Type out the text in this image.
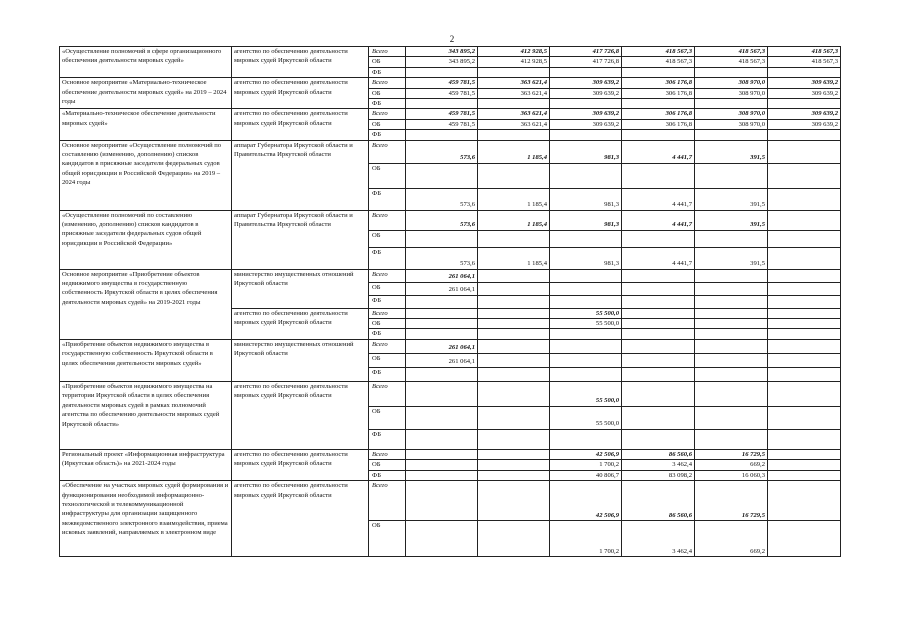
2
«Осуществление полномочий в сфере организационного обеспечения деятельности мировых судей»	агентство по обеспечению деятельности мировых судей Иркутской области	Всего	343 895,2	412 928,5	417 726,8	418 567,3	418 567,3	418 567,3
		ОБ	343 895,2	412 928,5	417 726,8	418 567,3	418 567,3	418 567,3
		ФБ						
Основное мероприятие «Материально-техническое обеспечение деятельности мировых судей» на 2019 – 2024 годы	агентство по обеспечению деятельности мировых судей Иркутской области	Всего	459 781,5	363 621,4	309 639,2	306 176,8	308 970,0	309 639,2
		ОБ	459 781,5	363 621,4	309 639,2	306 176,8	308 970,0	309 639,2
		ФБ						
«Материально-техническое обеспечение деятельности мировых судей»	агентство по обеспечению деятельности мировых судей Иркутской области	Всего	459 781,5	363 621,4	309 639,2	306 176,8	308 970,0	309 639,2
		ОБ	459 781,5	363 621,4	309 639,2	306 176,8	308 970,0	309 639,2
		ФБ						
Основное мероприятие «Осуществление полномочий по составлению (изменению, дополнению) списков кандидатов в присяжные заседатели федеральных судов общей юрисдикции в Российской Федерации» на 2019 – 2024 годы	аппарат Губернатора Иркутской области и Правительства Иркутской области	Всего	573,6	1 185,4	981,3	4 441,7	391,5	
		ОБ						
		ФБ	573,6	1 185,4	981,3	4 441,7	391,5	
«Осуществление полномочий по составлению (изменению, дополнению) списков кандидатов в присяжные заседатели федеральных судов общей юрисдикции в Российской Федерации»	аппарат Губернатора Иркутской области и Правительства Иркутской области	Всего	573,6	1 185,4	981,3	4 441,7	391,5	
		ОБ						
		ФБ	573,6	1 185,4	981,3	4 441,7	391,5	
Основное мероприятие «Приобретение объектов недвижимого имущества в государственную собственность Иркутской области в целях обеспечения деятельности мировых судей» на 2019-2021 годы	министерство имущественных отношений Иркутской области	Всего	261 064,1					
		ОБ	261 064,1					
		ФБ						
	агентство по обеспечению деятельности мировых судей Иркутской области	Всего			55 500,0			
		ОБ			55 500,0			
		ФБ						
«Приобретение объектов недвижимого имущества в государственную собственность Иркутской области в целях обеспечения деятельности мировых судей»	министерство имущественных отношений Иркутской области	Всего	261 064,1					
		ОБ	261 064,1					
		ФБ						
«Приобретение объектов недвижимого имущества на территории Иркутской области в целях обеспечения деятельности мировых судей в рамках полномочий агентства по обеспечению деятельности мировых судей Иркутской области»	агентство по обеспечению деятельности мировых судей Иркутской области	Всего			55 500,0			
		ОБ			55 500,0			
		ФБ						
Региональный проект «Информационная инфраструктура (Иркутская область)» на 2021-2024 годы	агентство по обеспечению деятельности мировых судей Иркутской области	Всего			42 506,9	86 560,6	16 729,5	
		ОБ			1 700,2	3 462,4	669,2	
		ФБ			40 806,7	83 098,2	16 060,3	
«Обеспечение на участках мировых судей формирования и функционирования необходимой информационно-технологической и телекоммуникационной инфраструктуры для организации защищенного межведомственного электронного взаимодействия, приема исковых заявлений, направляемых в электронном виде	агентство по обеспечению деятельности мировых судей Иркутской области	Всего			42 506,9	86 560,6	16 729,5	
		ОБ			1 700,2	3 462,4	669,2	
